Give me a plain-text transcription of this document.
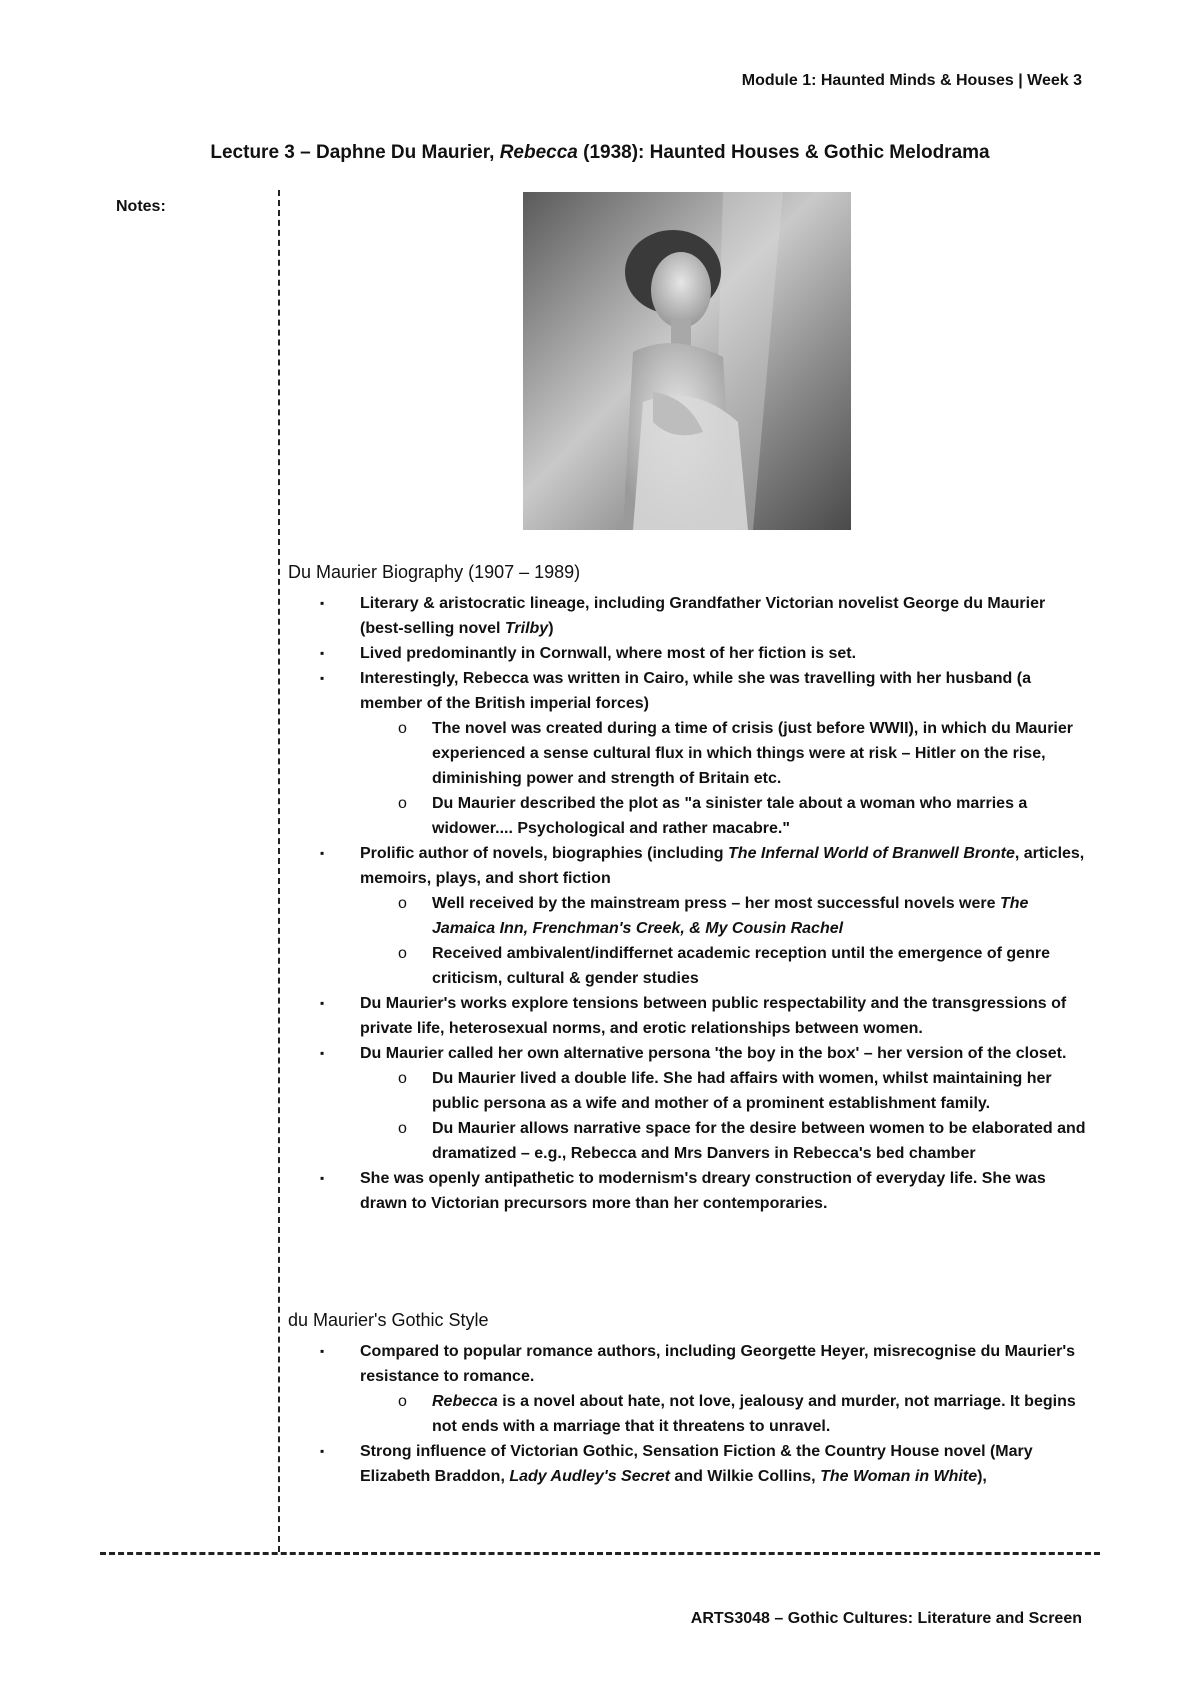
Module 1: Haunted Minds & Houses | Week 3
Lecture 3 – Daphne Du Maurier, Rebecca (1938): Haunted Houses & Gothic Melodrama
Notes:
Du Maurier Biography (1907 – 1989)
▪ Literary & aristocratic lineage, including Grandfather Victorian novelist George du Maurier (best-selling novel Trilby)
▪ Lived predominantly in Cornwall, where most of her fiction is set.
▪ Interestingly, Rebecca was written in Cairo, while she was travelling with her husband (a member of the British imperial forces)
o The novel was created during a time of crisis (just before WWII), in which du Maurier experienced a sense cultural flux in which things were at risk – Hitler on the rise, diminishing power and strength of Britain etc.
o Du Maurier described the plot as "a sinister tale about a woman who marries a widower.... Psychological and rather macabre."
▪ Prolific author of novels, biographies (including The Infernal World of Branwell Bronte, articles, memoirs, plays, and short fiction
o Well received by the mainstream press – her most successful novels were The Jamaica Inn, Frenchman's Creek, & My Cousin Rachel
o Received ambivalent/indiffernet academic reception until the emergence of genre criticism, cultural & gender studies
▪ Du Maurier's works explore tensions between public respectability and the transgressions of private life, heterosexual norms, and erotic relationships between women.
▪ Du Maurier called her own alternative persona 'the boy in the box' – her version of the closet.
o Du Maurier lived a double life. She had affairs with women, whilst maintaining her public persona as a wife and mother of a prominent establishment family.
o Du Maurier allows narrative space for the desire between women to be elaborated and dramatized – e.g., Rebecca and Mrs Danvers in Rebecca's bed chamber
▪ She was openly antipathetic to modernism's dreary construction of everyday life. She was drawn to Victorian precursors more than her contemporaries.
du Maurier's Gothic Style
▪ Compared to popular romance authors, including Georgette Heyer, misrecognise du Maurier's resistance to romance.
o Rebecca is a novel about hate, not love, jealousy and murder, not marriage. It begins not ends with a marriage that it threatens to unravel.
▪ Strong influence of Victorian Gothic, Sensation Fiction & the Country House novel (Mary Elizabeth Braddon, Lady Audley's Secret and Wilkie Collins, The Woman in White),
ARTS3048 – Gothic Cultures: Literature and Screen
